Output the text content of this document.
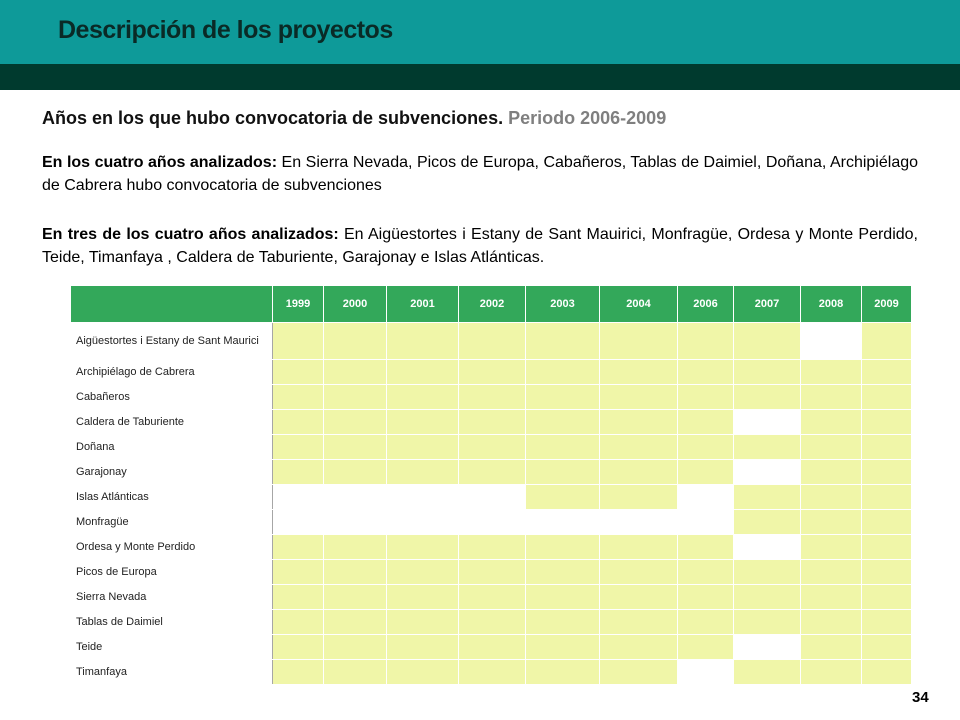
Descripción de los proyectos
Años en los que hubo convocatoria de subvenciones. Periodo 2006-2009
En los cuatro años analizados: En Sierra Nevada, Picos de Europa, Cabañeros, Tablas de Daimiel, Doñana, Archipiélago de Cabrera hubo convocatoria de subvenciones
En tres de los cuatro años analizados: En Aigüestortes i Estany de Sant Mauirici, Monfragüe, Ordesa y Monte Perdido, Teide, Timanfaya , Caldera de Taburiente, Garajonay e Islas Atlánticas.
	1999	2000	2001	2002	2003	2004	2006	2007	2008	2009
Aigüestortes i Estany de Sant Maurici										
Archipiélago de Cabrera										
Cabañeros										
Caldera de Taburiente										
Doñana										
Garajonay										
Islas Atlánticas										
Monfragüe										
Ordesa y Monte Perdido										
Picos de Europa										
Sierra Nevada										
Tablas de Daimiel										
Teide										
Timanfaya										
34
